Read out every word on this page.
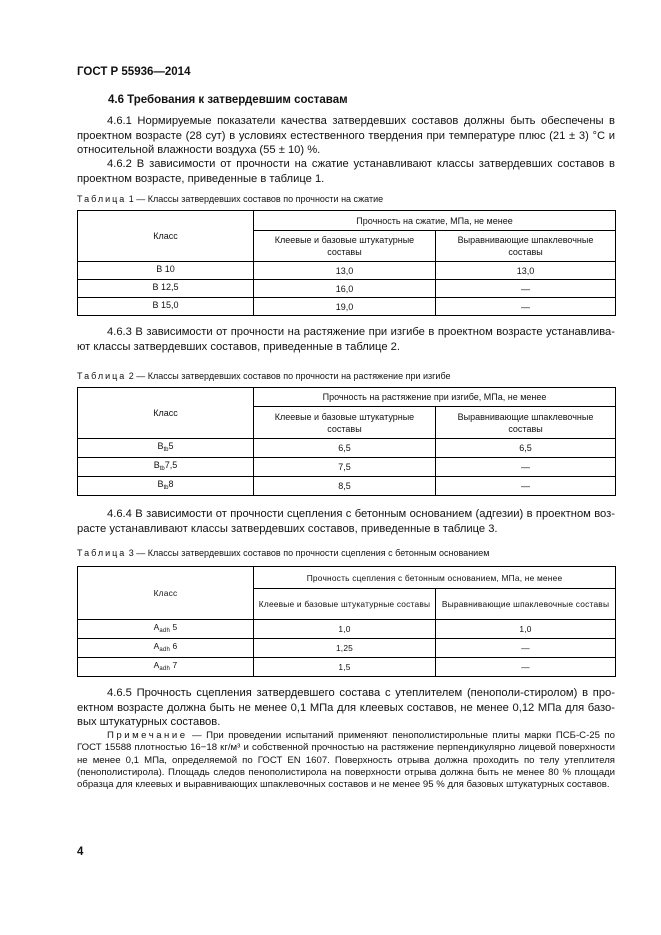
ГОСТ Р 55936—2014
4.6 Требования к затвердевшим составам

4.6.1 Нормируемые показатели качества затвердевших составов должны быть обеспечены в проектном возрасте (28 сут) в условиях естественного твердения при температуре плюс (21 ± 3) °С и относительной влажности воздуха (55 ± 10) %.

4.6.2 В зависимости от прочности на сжатие устанавливают классы затвердевших составов в проектном возрасте, приведенные в таблице 1.

Таблица 1 — Классы затвердевших составов по прочности на сжатие
Класс	Прочность на сжатие, МПа, не менее	
	Клеевые и базовые штукатурные составы	Выравнивающие шпаклевочные составы
В 10	13,0	13,0
В 12,5	16,0	—
В 15,0	19,0	—

4.6.3 В зависимости от прочности на растяжение при изгибе в проектном возрасте устанавлива-ют классы затвердевших составов, приведенные в таблице 2.

Таблица 2 — Классы затвердевших составов по прочности на растяжение при изгибе
Класс	Прочность на растяжение при изгибе, МПа, не менее	
	Клеевые и базовые штукатурные составы	Выравнивающие шпаклевочные составы
$B_{tb}5$	6,5	6,5
$B_{tb}7,5$	7,5	—
$B_{tb}8$	8,5	—

4.6.4 В зависимости от прочности сцепления с бетонным основанием (адгезии) в проектном воз-расте устанавливают классы затвердевших составов, приведенные в таблице 3.

Таблица 3 — Классы затвердевших составов по прочности сцепления с бетонным основанием
Класс	Прочность сцепления с бетонным основанием, МПа, не менее	
	Клеевые и базовые штукатурные составы	Выравнивающие шпаклевочные составы
$A_{adh}$ 5	1,0	1,0
$A_{adh}$ 6	1,25	—
$A_{adh}$ 7	1,5	—

4.6.5 Прочность сцепления затвердевшего состава с утеплителем (пенополи-стиролом) в про-ектном возрасте должна быть не менее 0,1 МПа для клеевых составов, не менее 0,12 МПа для базо-вых штукатурных составов.

Примечание — При проведении испытаний применяют пенополистирольные плиты марки ПСБ-С-25 по ГОСТ 15588 плотностью 16−18 кг/м³ и собственной прочностью на растяжение перпендикулярно лицевой поверхности не менее 0,1 МПа, определяемой по ГОСТ EN 1607. Поверхность отрыва должна проходить по телу утеплителя (пенополистирола). Площадь следов пенополистирола на поверхности отрыва должна быть не менее 80 % площади образца для клеевых и выравнивающих шпаклевочных составов и не менее 95 % для базовых штукатурных составов.

4
